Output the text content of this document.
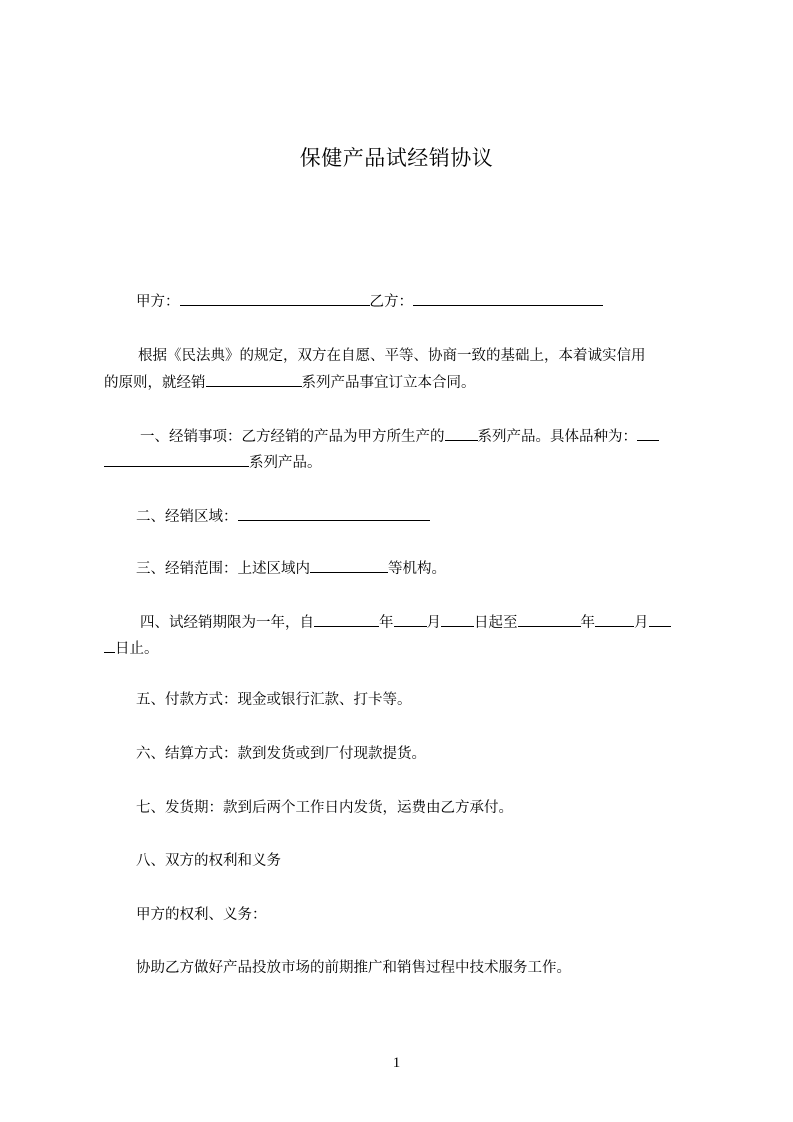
保健产品试经销协议
甲方：	乙方：
根据《民法典》的规定，双方在自愿、平等、协商一致的基础上，本着诚实信用
的原则，就经销	系列产品事宜订立本合同。
一、经销事项：乙方经销的产品为甲方所生产的 系列产品。具体品种为：
系列产品。
二、经销区域：
三、经销范围：上述区域内	等机构。
四、试经销期限为一年，自	年 月 日起至	年	月
日止。
五、付款方式：现金或银行汇款、打卡等。
六、结算方式：款到发货或到厂付现款提货。
七、发货期：款到后两个工作日内发货，运费由乙方承付。
八、双方的权利和义务
甲方的权利、义务：
协助乙方做好产品投放市场的前期推广和销售过程中技术服务工作。
1
